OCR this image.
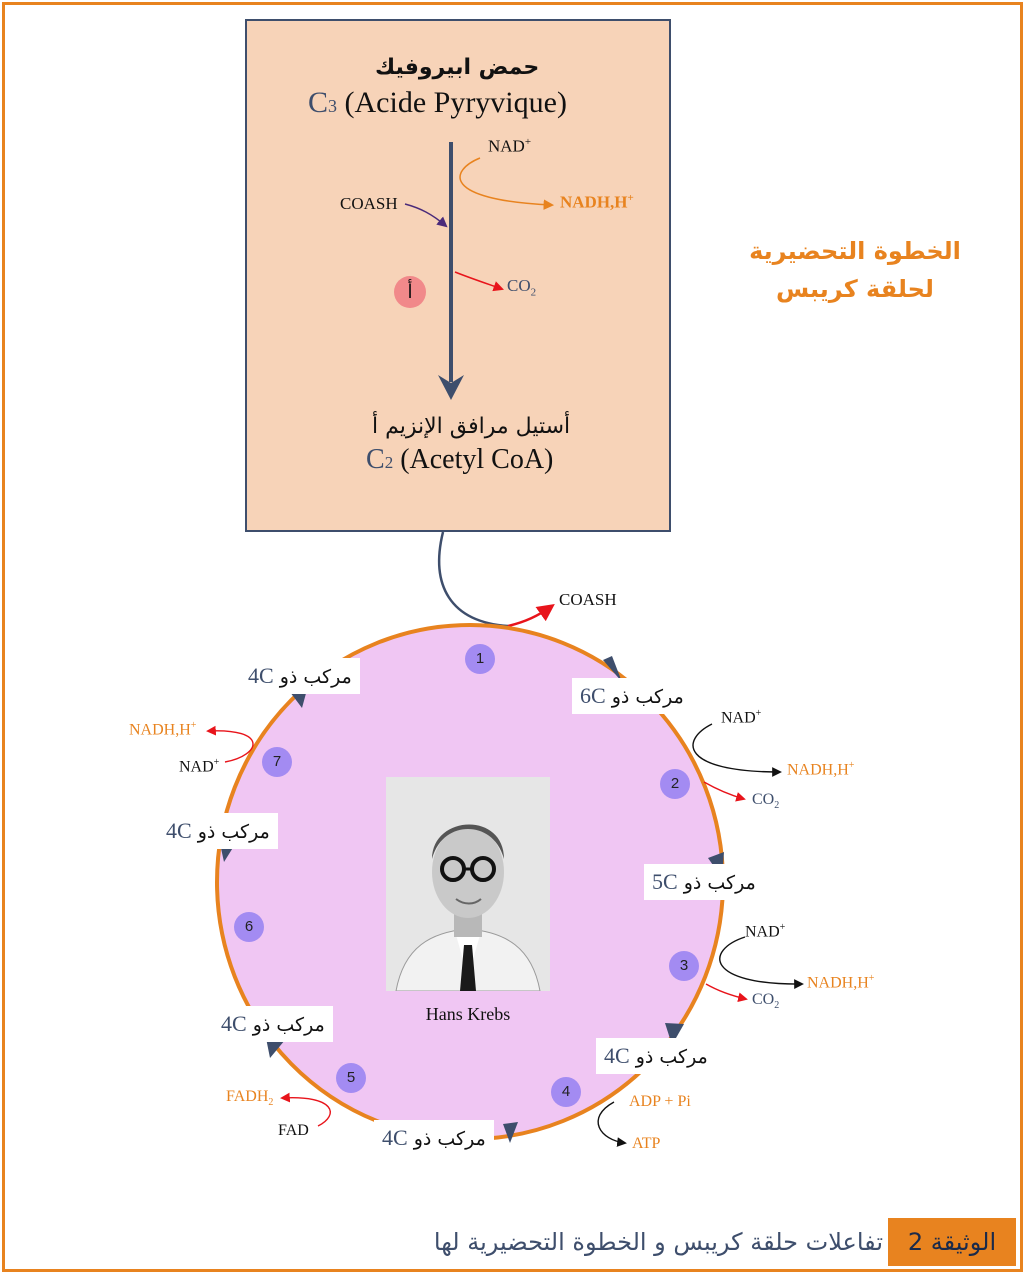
حمض ابيروفيك
C3 (Acide Pyryvique)
NAD+
NADH,H+
COASH
$CO_2$
أ
أستيل مرافق الإنزيم أ
C2 (Acetyl CoA)
الخطوة التحضيرية
لحلقة كريبس
COASH
1
2
3
4
5
6
7
مركب ذو 6C
مركب ذو 5C
مركب ذو 4C
مركب ذو 4C
مركب ذو 4C
مركب ذو 4C
مركب ذو 4C
NAD+
NADH,H+
$CO_2$
NAD+
NADH,H+
$CO_2$
ADP + Pi
ATP
$FADH_2$
FAD
NADH,H+
NAD+
Hans Krebs
الوثيقة 2
تفاعلات حلقة كريبس و الخطوة التحضيرية لها
